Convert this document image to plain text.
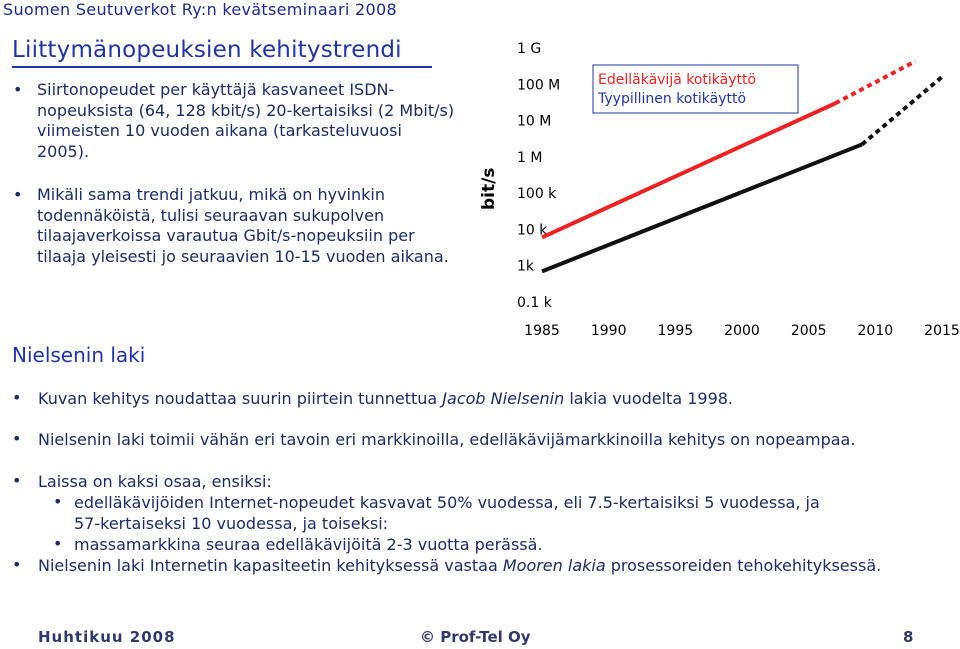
Suomen Seutuverkot Ry:n kevätseminaari 2008
Liittymänopeuksien kehitystrendi
• Siirtonopeudet per käyttäjä kasvaneet ISDN-nopeuksista (64, 128 kbit/s) 20-kertaisiksi (2 Mbit/s) viimeisten 10 vuoden aikana (tarkasteluvuosi 2005).
• Mikäli sama trendi jatkuu, mikä on hyvinkin todennäköistä, tulisi seuraavan sukupolven tilaajaverkoissa varautua Gbit/s-nopeuksiin per tilaaja yleisesti jo seuraavien 10-15 vuoden aikana.
1 G
100 M
10 M
1 M
100 k
10 k
1k
0.1 k
1985 1990 1995 2000 2005 2010 2015
bit/s
Edelläkävijä kotikäyttö
Tyypillinen kotikäyttö
Nielsenin laki
• Kuvan kehitys noudattaa suurin piirtein tunnettua Jacob Nielsenin lakia vuodelta 1998.
• Nielsenin laki toimii vähän eri tavoin eri markkinoilla, edelläkävijämarkkinoilla kehitys on nopeampaa.
• Laissa on kaksi osaa, ensiksi:
• edelläkävijöiden Internet-nopeudet kasvavat 50% vuodessa, eli 7.5-kertaisiksi 5 vuodessa, ja 57-kertaiseksi 10 vuodessa, ja toiseksi:
• massamarkkina seuraa edelläkävijöitä 2-3 vuotta perässä.
• Nielsenin laki Internetin kapasiteetin kehityksessä vastaa Mooren lakia prosessoreiden tehokehityksessä.
Huhtikuu 2008	© Prof-Tel Oy	8
